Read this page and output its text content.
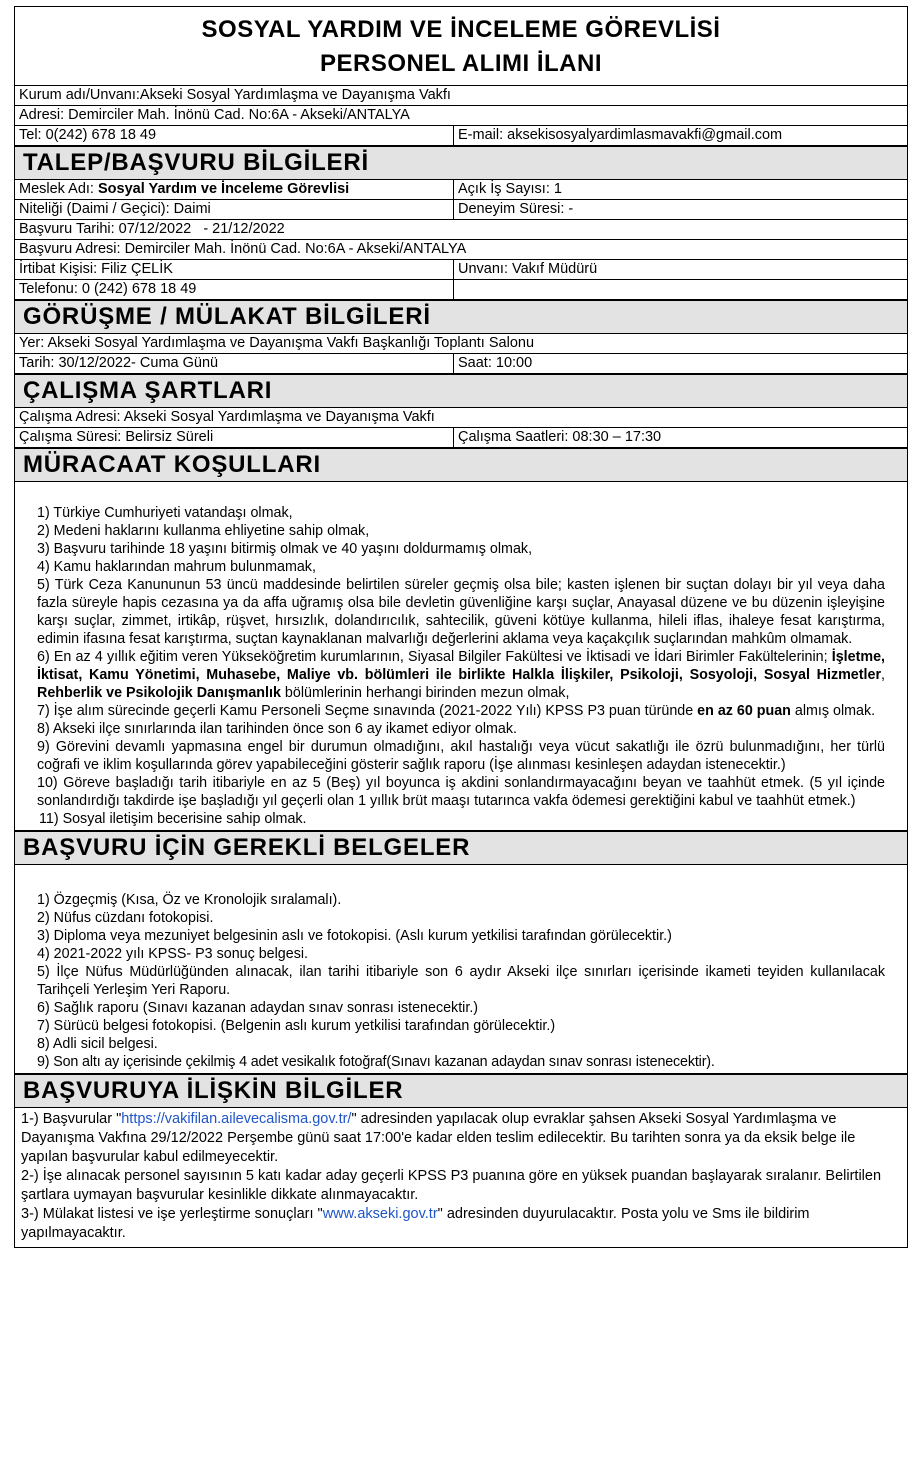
SOSYAL YARDIM VE İNCELEME GÖREVLİSİ
PERSONEL ALIMI İLANI
Kurum adı/Unvanı:Akseki Sosyal Yardımlaşma ve Dayanışma Vakfı
Adresi: Demirciler Mah. İnönü Cad. No:6A - Akseki/ANTALYA
Tel: 0(242) 678 18 49	E-mail: aksekisosyalyardimlasmavakfi@gmail.com
TALEP/BAŞVURU BİLGİLERİ
Meslek Adı: Sosyal Yardım ve İnceleme Görevlisi	Açık İş Sayısı: 1
Niteliği (Daimi / Geçici): Daimi	Deneyim Süresi: -
Başvuru Tarihi: 07/12/2022   - 21/12/2022
Başvuru Adresi: Demirciler Mah. İnönü Cad. No:6A - Akseki/ANTALYA
İrtibat Kişisi: Filiz ÇELİK	Unvanı: Vakıf Müdürü
Telefonu: 0 (242) 678 18 49
GÖRÜŞME / MÜLAKAT BİLGİLERİ
Yer: Akseki Sosyal Yardımlaşma ve Dayanışma Vakfı Başkanlığı Toplantı Salonu
Tarih: 30/12/2022- Cuma Günü	Saat: 10:00
ÇALIŞMA ŞARTLARI
Çalışma Adresi: Akseki Sosyal Yardımlaşma ve Dayanışma Vakfı
Çalışma Süresi: Belirsiz Süreli	Çalışma Saatleri: 08:30 – 17:30
MÜRACAAT KOŞULLARI
1) Türkiye Cumhuriyeti vatandaşı olmak,
2) Medeni haklarını kullanma ehliyetine sahip olmak,
3) Başvuru tarihinde 18 yaşını bitirmiş olmak ve 40 yaşını doldurmamış olmak,
4) Kamu haklarından mahrum bulunmamak,
5) Türk Ceza Kanununun 53 üncü maddesinde belirtilen süreler geçmiş olsa bile; kasten işlenen bir suçtan dolayı bir yıl veya daha fazla süreyle hapis cezasına ya da affa uğramış olsa bile devletin güvenliğine karşı suçlar, Anayasal düzene ve bu düzenin işleyişine karşı suçlar, zimmet, irtikâp, rüşvet, hırsızlık, dolandırıcılık, sahtecilik, güveni kötüye kullanma, hileli iflas, ihaleye fesat karıştırma, edimin ifasına fesat karıştırma, suçtan kaynaklanan malvarlığı değerlerini aklama veya kaçakçılık suçlarından mahkûm olmamak.
6) En az 4 yıllık eğitim veren Yükseköğretim kurumlarının, Siyasal Bilgiler Fakültesi ve İktisadi ve İdari Birimler Fakültelerinin; İşletme, İktisat, Kamu Yönetimi, Muhasebe, Maliye vb. bölümleri ile birlikte Halkla İlişkiler, Psikoloji, Sosyoloji, Sosyal Hizmetler, Rehberlik ve Psikolojik Danışmanlık bölümlerinin herhangi birinden mezun olmak,
7) İşe alım sürecinde geçerli Kamu Personeli Seçme sınavında (2021-2022 Yılı) KPSS P3 puan türünde en az 60 puan almış olmak.
8) Akseki ilçe sınırlarında ilan tarihinden önce son 6 ay ikamet ediyor olmak.
9) Görevini devamlı yapmasına engel bir durumun olmadığını, akıl hastalığı veya vücut sakatlığı ile özrü bulunmadığını, her türlü coğrafi ve iklim koşullarında görev yapabileceğini gösterir sağlık raporu (İşe alınması kesinleşen adaydan istenecektir.)
10) Göreve başladığı tarih itibariyle en az 5 (Beş) yıl boyunca iş akdini sonlandırmayacağını beyan ve taahhüt etmek. (5 yıl içinde sonlandırdığı takdirde işe başladığı yıl geçerli olan 1 yıllık brüt maaşı tutarınca vakfa ödemesi gerektiğini kabul ve taahhüt etmek.)
11) Sosyal iletişim becerisine sahip olmak.
BAŞVURU İÇİN GEREKLİ BELGELER
1) Özgeçmiş (Kısa, Öz ve Kronolojik sıralamalı).
2) Nüfus cüzdanı fotokopisi.
3) Diploma veya mezuniyet belgesinin aslı ve fotokopisi. (Aslı kurum yetkilisi tarafından görülecektir.)
4) 2021-2022 yılı KPSS- P3 sonuç belgesi.
5) İlçe Nüfus Müdürlüğünden alınacak, ilan tarihi itibariyle son 6 aydır Akseki ilçe sınırları içerisinde ikameti teyiden kullanılacak Tarihçeli Yerleşim Yeri Raporu.
6) Sağlık raporu (Sınavı kazanan adaydan sınav sonrası istenecektir.)
7) Sürücü belgesi fotokopisi. (Belgenin aslı kurum yetkilisi tarafından görülecektir.)
8) Adli sicil belgesi.
9) Son altı ay içerisinde çekilmiş 4 adet vesikalık fotoğraf(Sınavı kazanan adaydan sınav sonrası istenecektir).
BAŞVURUYA İLİŞKİN BİLGİLER
1-) Başvurular "https://vakifilan.ailevecalisma.gov.tr/" adresinden yapılacak olup evraklar şahsen Akseki Sosyal Yardımlaşma ve Dayanışma Vakfına 29/12/2022 Perşembe günü saat 17:00'e kadar elden teslim edilecektir. Bu tarihten sonra ya da eksik belge ile yapılan başvurular kabul edilmeyecektir.
2-) İşe alınacak personel sayısının 5 katı kadar aday geçerli KPSS P3 puanına göre en yüksek puandan başlayarak sıralanır. Belirtilen şartlara uymayan başvurular kesinlikle dikkate alınmayacaktır.
3-) Mülakat listesi ve işe yerleştirme sonuçları "www.akseki.gov.tr" adresinden duyurulacaktır. Posta yolu ve Sms ile bildirim yapılmayacaktır.
